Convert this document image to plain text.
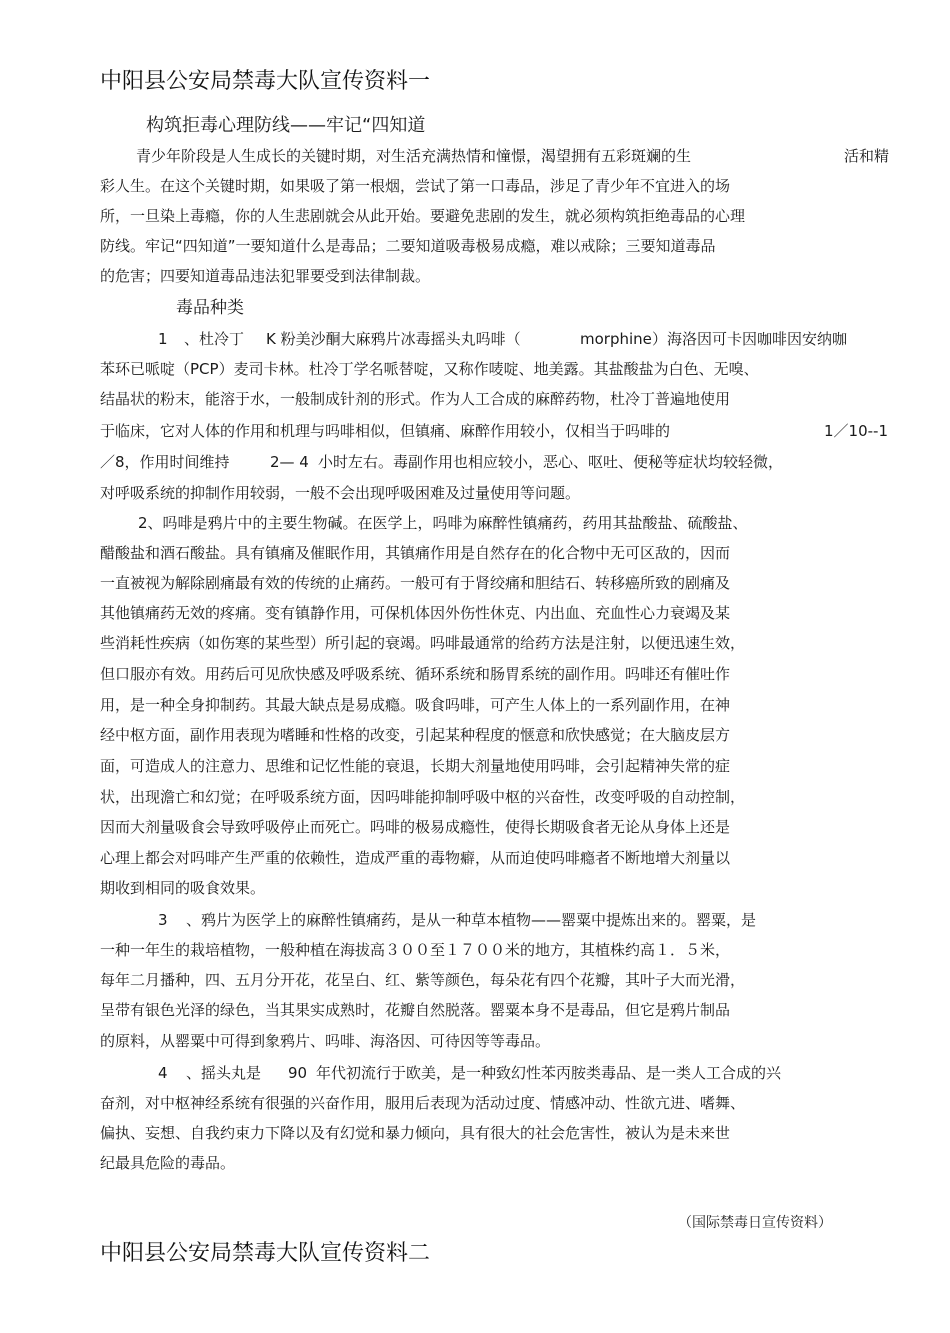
中阳县公安局禁毒大队宣传资料一
构筑拒毒心理防线——牢记“四知道
青少年阶段是人生成长的关键时期，对生活充满热情和憧憬，渴望拥有五彩斑斓的生	活和精
彩人生。在这个关键时期，如果吸了第一根烟，尝试了第一口毒品，涉足了青少年不宜进入的场
所，一旦染上毒瘾，你的人生悲剧就会从此开始。要避免悲剧的发生，就必须构筑拒绝毒品的心理
防线。牢记“四知道”一要知道什么是毒品；二要知道吸毒极易成瘾，难以戒除；三要知道毒品
的危害；四要知道毒品违法犯罪要受到法律制裁。
毒品种类
1 、杜冷丁 K 粉美沙酮大麻鸦片冰毒摇头丸吗啡（	morphine ）海洛因可卡因咖啡因安纳咖
苯环已哌啶（PCP）麦司卡林。杜冷丁学名哌替啶，又称作唛啶、地美露。其盐酸盐为白色、无嗅、
结晶状的粉末，能溶于水，一般制成针剂的形式。作为人工合成的麻醉药物，杜冷丁普遍地使用
于临床，它对人体的作用和机理与吗啡相似，但镇痛、麻醉作用较小，仅相当于吗啡的	1／10--1
／8，作用时间维持	2— 4 小时左右。毒副作用也相应较小，恶心、呕吐、便秘等症状均较轻微，
对呼吸系统的抑制作用较弱，一般不会出现呼吸困难及过量使用等问题。
2、吗啡是鸦片中的主要生物碱。在医学上，吗啡为麻醉性镇痛药，药用其盐酸盐、硫酸盐、
醋酸盐和酒石酸盐。具有镇痛及催眠作用，其镇痛作用是自然存在的化合物中无可区敌的，因而
一直被视为解除剧痛最有效的传统的止痛药。一般可有于肾绞痛和胆结石、转移癌所致的剧痛及
其他镇痛药无效的疼痛。变有镇静作用，可保机体因外伤性休克、内出血、充血性心力衰竭及某
些消耗性疾病（如伤寒的某些型）所引起的衰竭。吗啡最通常的给药方法是注射，以便迅速生效，
但口服亦有效。用药后可见欣快感及呼吸系统、循环系统和肠胃系统的副作用。吗啡还有催吐作
用，是一种全身抑制药。其最大缺点是易成瘾。吸食吗啡，可产生人体上的一系列副作用，在神
经中枢方面，副作用表现为嗜睡和性格的改变，引起某种程度的惬意和欣快感觉；在大脑皮层方
面，可造成人的注意力、思维和记忆性能的衰退，长期大剂量地使用吗啡，会引起精神失常的症
状，出现澹亡和幻觉；在呼吸系统方面，因吗啡能抑制呼吸中枢的兴奋性，改变呼吸的自动控制，
因而大剂量吸食会导致呼吸停止而死亡。吗啡的极易成瘾性，使得长期吸食者无论从身体上还是
心理上都会对吗啡产生严重的依赖性，造成严重的毒物癖，从而迫使吗啡瘾者不断地增大剂量以
期收到相同的吸食效果。
3 、鸦片为医学上的麻醉性镇痛药，是从一种草本植物——罂粟中提炼出来的。罂粟，是
一种一年生的栽培植物，一般种植在海拔高３００至１７００米的地方，其植株约高１．５米，
每年二月播种，四、五月分开花，花呈白、红、紫等颜色，每朵花有四个花瓣，其叶子大而光滑，
呈带有银色光泽的绿色，当其果实成熟时，花瓣自然脱落。罂粟本身不是毒品，但它是鸦片制品
的原料，从罂粟中可得到象鸦片、吗啡、海洛因、可待因等等毒品。
4 、摇头丸是 90 年代初流行于欧美，是一种致幻性苯丙胺类毒品、是一类人工合成的兴
奋剂，对中枢神经系统有很强的兴奋作用，服用后表现为活动过度、情感冲动、性欲亢进、嗜舞、
偏执、妄想、自我约束力下降以及有幻觉和暴力倾向，具有很大的社会危害性，被认为是未来世
纪最具危险的毒品。
（国际禁毒日宣传资料）
中阳县公安局禁毒大队宣传资料二
